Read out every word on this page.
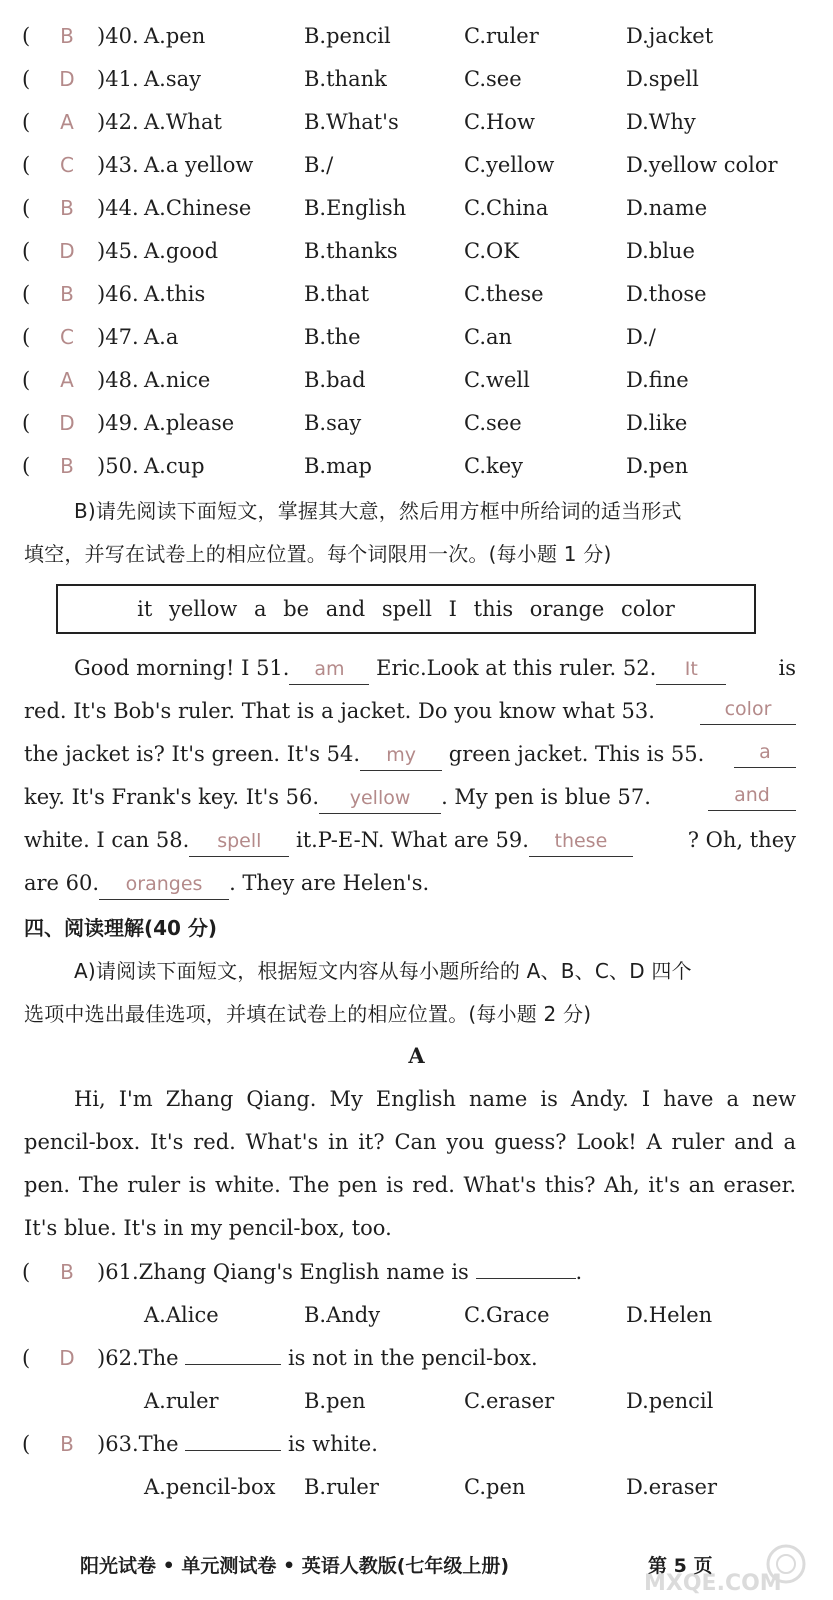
( B )40. A.pen	B.pencil	C.ruler	D.jacket
( D )41. A.say	B.thank	C.see	D.spell
( A )42. A.What	B.What's	C.How	D.Why
( C )43. A.a yellow B./	C.yellow	D.yellow color
( B )44. A.Chinese	B.English	C.China	D.name
( D )45. A.good	B.thanks	C.OK	D.blue
( B )46. A.this	B.that	C.these	D.those
( C )47. A.a	B.the	C.an	D./
( A )48. A.nice	B.bad	C.well	D.fine
( D )49. A.please	B.say	C.see	D.like
( B )50. A.cup	B.map	C.key	D.pen
B)请先阅读下面短文，掌握其大意，然后用方框中所给词的适当形式
填空，并写在试卷上的相应位置。每个词限用一次。(每小题 1 分)
it yellow a be and spell I this orange color
Good morning! I 51. am Eric.Look at this ruler. 52. It	is
red. It's Bob's ruler. That is a jacket. Do you know what 53.	color
the jacket is? It's green. It's 54. my green jacket. This is 55.	a
key. It's Frank's key. It's 56. yellow . My pen is blue 57.	and
white. I can 58. spell it.P-E-N. What are 59. these	? Oh, they
are 60. oranges . They are Helen's.
四、阅读理解(40 分)
A)请阅读下面短文，根据短文内容从每小题所给的 A、B、C、D 四个
选项中选出最佳选项，并填在试卷上的相应位置。(每小题 2 分)
A
Hi, I'm Zhang Qiang. My English name is Andy. I have a new
pencil-box. It's red. What's in it? Can you guess? Look! A ruler and a
pen. The ruler is white. The pen is red. What's this? Ah, it's an eraser.
It's blue. It's in my pencil-box, too.
( B )61.Zhang Qiang's English name is	.
A.Alice	B.Andy	C.Grace	D.Helen
( D )62.The	is not in the pencil-box.
A.ruler	B.pen	C.eraser	D.pencil
( B )63.The	is white.
A.pencil-box B.ruler	C.pen	D.eraser
阳光试卷 • 单元测试卷 • 英语人教版(七年级上册)	第 5 页
MXQE.COM
